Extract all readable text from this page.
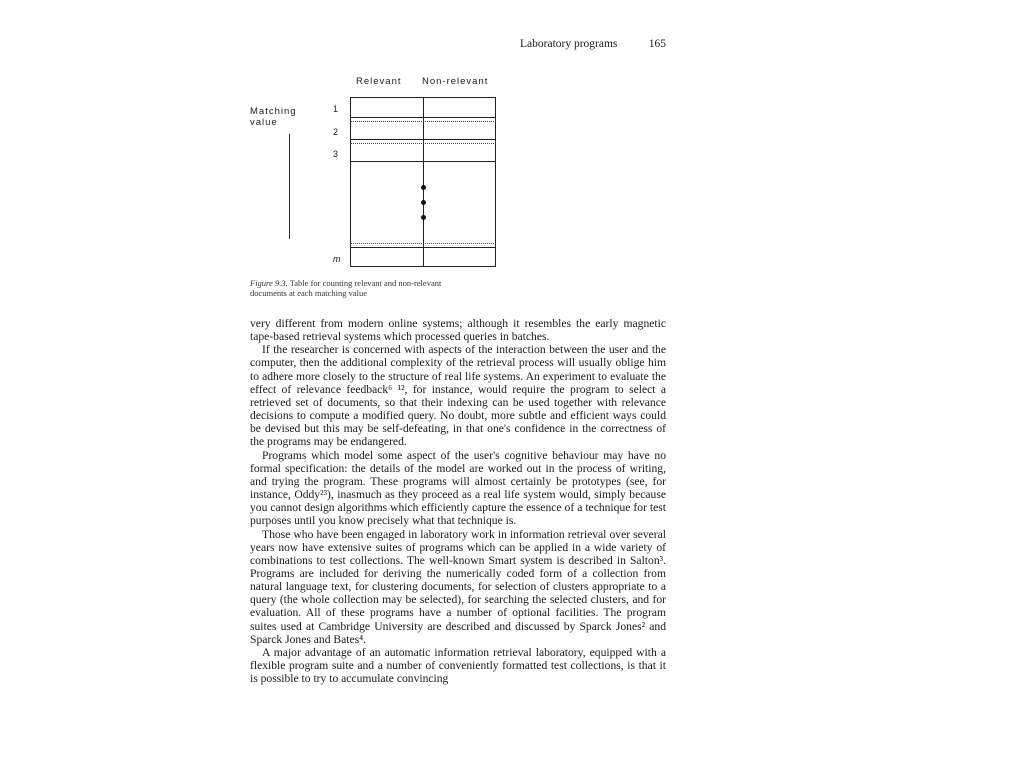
Laboratory programs	165
Relevant Non-relevant
Matching
value
1
2
3
m
Figure 9.3. Table for counting relevant and non-relevant documents at each matching value

very different from modern online systems; although it resembles the early magnetic tape-based retrieval systems which processed queries in batches.

If the researcher is concerned with aspects of the interaction between the user and the computer, then the additional complexity of the retrieval process will usually oblige him to adhere more closely to the structure of real life systems. An experiment to evaluate the effect of relevance feedback⁶ ¹², for instance, would require the program to select a retrieved set of documents, so that their indexing can be used together with relevance decisions to compute a modified query. No doubt, more subtle and efficient ways could be devised but this may be self-defeating, in that one's confidence in the correctness of the programs may be endangered.

Programs which model some aspect of the user's cognitive behaviour may have no formal specification: the details of the model are worked out in the process of writing, and trying the program. These programs will almost certainly be prototypes (see, for instance, Oddy²³), inasmuch as they proceed as a real life system would, simply because you cannot design algorithms which efficiently capture the essence of a technique for test purposes until you know precisely what that technique is.

Those who have been engaged in laboratory work in information retrieval over several years now have extensive suites of programs which can be applied in a wide variety of combinations to test collections. The well-known Smart system is described in Salton³. Programs are included for deriving the numerically coded form of a collection from natural language text, for clustering documents, for selection of clusters appropriate to a query (the whole collection may be selected), for searching the selected clusters, and for evaluation. All of these programs have a number of optional facilities. The program suites used at Cambridge University are described and discussed by Sparck Jones² and Sparck Jones and Bates⁴.

A major advantage of an automatic information retrieval laboratory, equipped with a flexible program suite and a number of conveniently formatted test collections, is that it is possible to try to accumulate convincing
